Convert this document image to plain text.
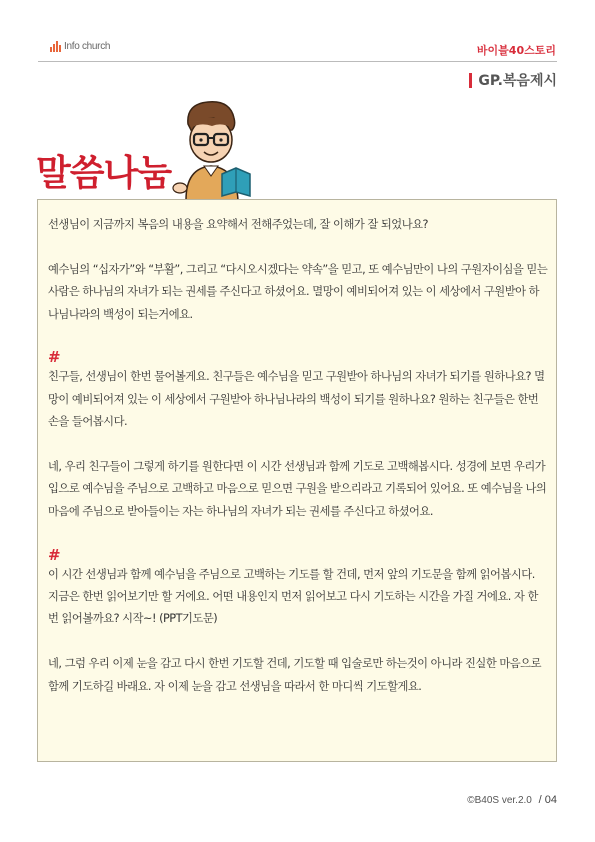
Info church	바이블40스토리
GP.복음제시
말씀나눔

선생님이 지금까지 복음의 내용을 요약해서 전해주었는데, 잘 이해가 잘 되었나요?

예수님의 “십자가”와 “부활”, 그리고 “다시오시겠다는 약속”을 믿고, 또 예수님만이 나의 구원자이심을 믿는 사람은 하나님의 자녀가 되는 권세를 주신다고 하셨어요. 멸망이 예비되어져 있는 이 세상에서 구원받아 하나님나라의 백성이 되는거에요.

#

친구들, 선생님이 한번 물어볼게요. 친구들은 예수님을 믿고 구원받아 하나님의 자녀가 되기를 원하나요? 멸망이 예비되어져 있는 이 세상에서 구원받아 하나님나라의 백성이 되기를 원하나요? 원하는 친구들은 한번 손을 들어봅시다.

네, 우리 친구들이 그렇게 하기를 원한다면 이 시간 선생님과 함께 기도로 고백해봅시다. 성경에 보면 우리가 입으로 예수님을 주님으로 고백하고 마음으로 믿으면 구원을 받으리라고 기록되어 있어요. 또 예수님을 나의 마음에 주님으로 받아들이는 자는 하나님의 자녀가 되는 권세를 주신다고 하셨어요.

#

이 시간 선생님과 함께 예수님을 주님으로 고백하는 기도를 할 건데, 먼저 앞의 기도문을 함께 읽어봅시다. 지금은 한번 읽어보기만 할 거에요. 어떤 내용인지 먼저 읽어보고 다시 기도하는 시간을 가질 거에요. 자 한번 읽어볼까요? 시작~! (PPT기도문)

네, 그럼 우리 이제 눈을 감고 다시 한번 기도할 건데, 기도할 때 입술로만 하는것이 아니라 진실한 마음으로 함께 기도하길 바래요. 자 이제 눈을 감고 선생님을 따라서 한 마디씩 기도할게요.

©B40S ver.2.0 / 04
